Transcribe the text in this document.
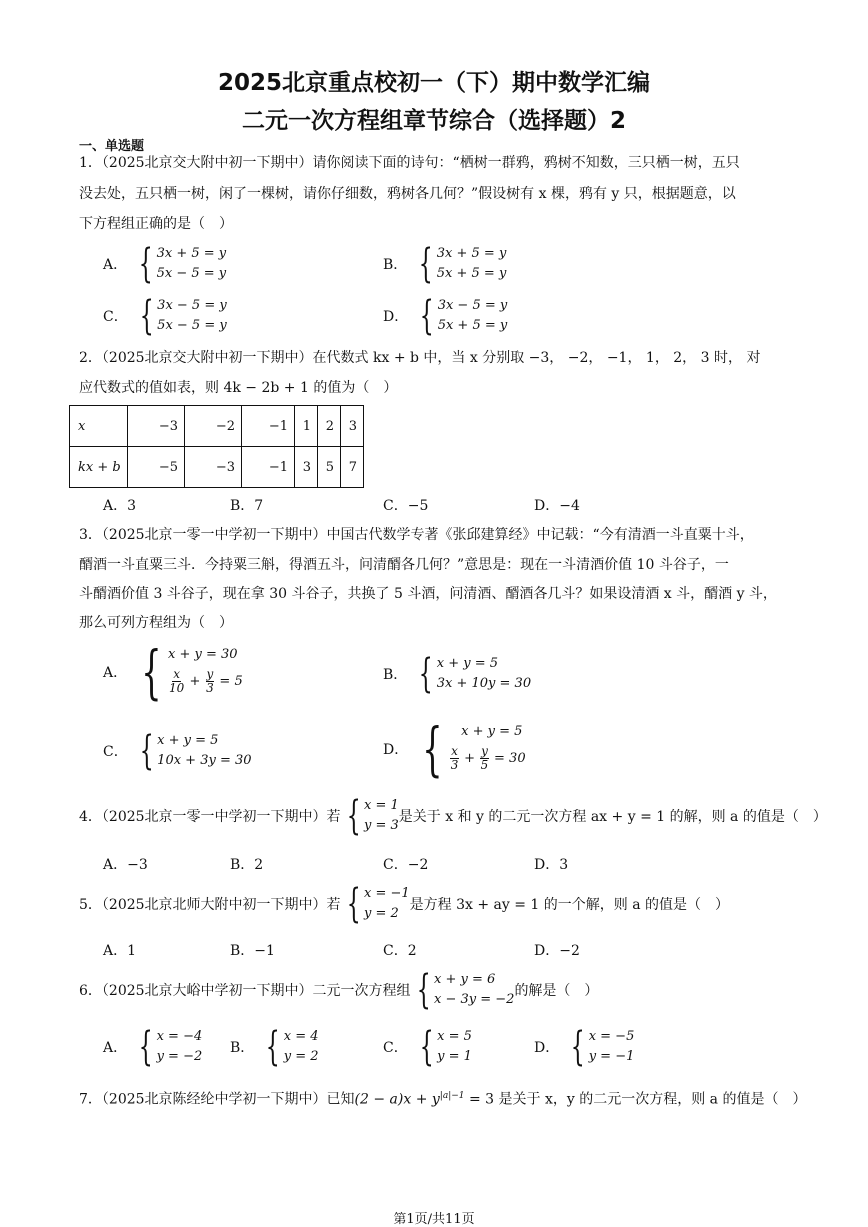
2025北京重点校初一（下）期中数学汇编
二元一次方程组章节综合（选择题）2
一、单选题
1．（2025北京交大附中初一下期中）请你阅读下面的诗句：“栖树一群鸦，鸦树不知数，三只栖一树，五只
没去处，五只栖一树，闲了一棵树，请你仔细数，鸦树各几何？”假设树有 x 棵，鸦有 y 只，根据题意，以
下方程组正确的是（　）
A． { 3x + 5 = y
5x − 5 = y
B． { 3x + 5 = y
5x + 5 = y
C． { 3x − 5 = y
5x − 5 = y
D． { 3x − 5 = y
5x + 5 = y
2．（2025北京交大附中初一下期中）在代数式 kx + b 中，当 x 分别取 −3， −2， −1， 1， 2， 3 时， 对
应代数式的值如表，则 4k − 2b + 1 的值为（　）
x	−3	−2	−1	1	2	3
kx + b	−5	−3	−1	3	5	7
A．3	B．7	C．−5	D．−4
3．（2025北京一零一中学初一下期中）中国古代数学专著《张邱建算经》中记载：“今有清酒一斗直粟十斗，
醑酒一斗直粟三斗．今持粟三斛，得酒五斗，问清醑各几何？”意思是：现在一斗清酒价值 10 斗谷子，一
斗醑酒价值 3 斗谷子，现在拿 30 斗谷子，共换了 5 斗酒，问清酒、醑酒各几斗？如果设清酒 x 斗，醑酒 y 斗，
那么可列方程组为（　）
A． { x + y = 30
$\frac{x}{10} + \frac{y}{3} = 5$	B． { x + y = 5
3x + 10y = 30
C． { x + y = 5
10x + 3y = 30
D． {	x + y = 5
$\frac{x}{3} + \frac{y}{5} = 30$
4．（2025北京一零一中学初一下期中）若 { x = 1
y = 3
是关于 x 和 y 的二元一次方程 ax + y = 1 的解，则 a 的值是（　）
A．−3	B．2	C．−2	D．3
5．（2025北京北师大附中初一下期中）若 { x = −1
y = 2
是方程 3x + ay = 1 的一个解，则 a 的值是（　）
A．1	B．−1	C．2	D．−2
6．（2025北京大峪中学初一下期中）二元一次方程组 { x + y = 6
x − 3y = −2
的解是（　）
A． { x = −4
y = −2
B． { x = 4
y = 2
C． { x = 5
y = 1
D． { x = −5
y = −1
7．（2025北京陈经纶中学初一下期中）已知$(2 - a)x + y^{|a|-1} = 3$ 是关于 x，y 的二元一次方程，则 a 的值是（　）
第1页/共11页
